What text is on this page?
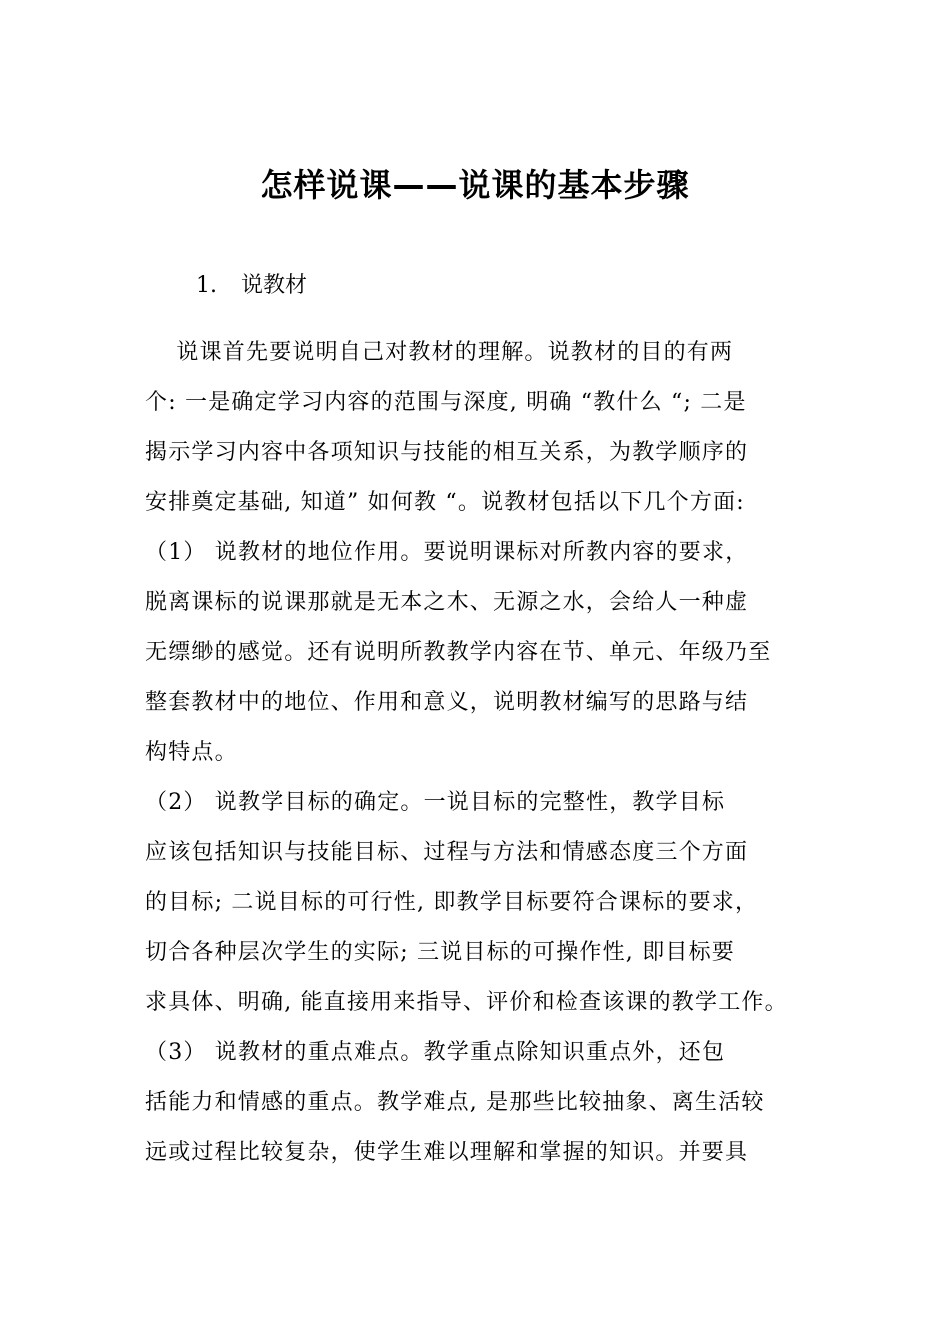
怎样说课——说课的基本步骤
1. 说教材
　 说课首先要说明自己对教材的理解。说教材的目的有两
个: 一是确定学习内容的范围与深度, 明确 “教什么 “; 二是
揭示学习内容中各项知识与技能的相互关系，为教学顺序的
安排奠定基础, 知道” 如何教 “。说教材包括以下几个方面:
（1） 说教材的地位作用。要说明课标对所教内容的要求，
脱离课标的说课那就是无本之木、无源之水，会给人一种虚
无缥缈的感觉。还有说明所教教学内容在节、单元、年级乃至
整套教材中的地位、作用和意义，说明教材编写的思路与结
构特点。
（2） 说教学目标的确定。一说目标的完整性，教学目标
应该包括知识与技能目标、过程与方法和情感态度三个方面
的目标; 二说目标的可行性, 即教学目标要符合课标的要求，
切合各种层次学生的实际; 三说目标的可操作性, 即目标要
求具体、明确, 能直接用来指导、评价和检查该课的教学工作。
（3） 说教材的重点难点。教学重点除知识重点外，还包
括能力和情感的重点。教学难点, 是那些比较抽象、离生活较
远或过程比较复杂，使学生难以理解和掌握的知识。并要具
